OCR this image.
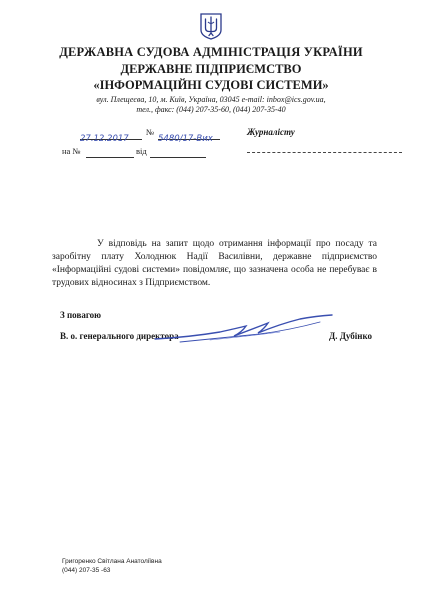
ДЕРЖАВНА СУДОВА АДМІНІСТРАЦІЯ УКРАЇНИ
ДЕРЖАВНЕ ПІДПРИЄМСТВО
«ІНФОРМАЦІЙНІ СУДОВІ СИСТЕМИ»
вул. Плещеєва, 10, м. Київ, Україна, 03045 e-mail: inbox@ics.gov.ua,
тел., факс: (044) 207-35-60, (044) 207-35-40
27.12.2017
№
5480/17-Вих
на №	від
Журналісту
У відповідь на запит щодо отримання інформації про посаду та заробітну плату Холоднюк Надії Василівни, державне підприємство «Інформаційні судові системи» повідомляє, що зазначена особа не перебуває в трудових відносинах з Підприємством.
З повагою
В. о. генерального директора	Д. Дубінко
Григоренко Світлана Анатоліївна
(044) 207-35 -63
